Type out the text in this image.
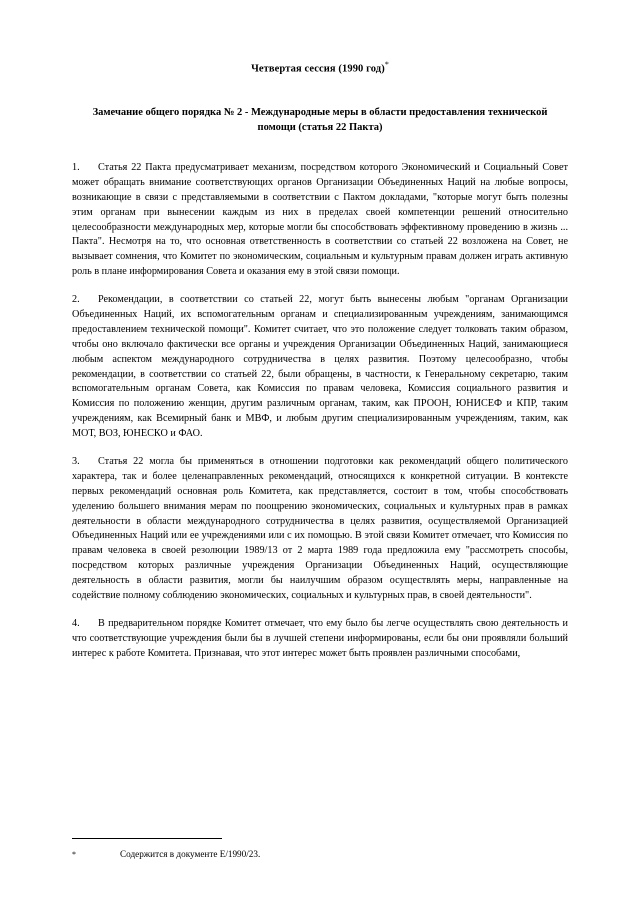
Четвертая сессия (1990 год)*
Замечание общего порядка № 2 - Международные меры в области предоставления технической помощи (статья 22 Пакта)

1. Статья 22 Пакта предусматривает механизм, посредством которого Экономический и Социальный Совет может обращать внимание соответствующих органов Организации Объединенных Наций на любые вопросы, возникающие в связи с представляемыми в соответствии с Пактом докладами, "которые могут быть полезны этим органам при вынесении каждым из них в пределах своей компетенции решений относительно целесообразности международных мер, которые могли бы способствовать эффективному проведению в жизнь ... Пакта". Несмотря на то, что основная ответственность в соответствии со статьей 22 возложена на Совет, не вызывает сомнения, что Комитет по экономическим, социальным и культурным правам должен играть активную роль в плане информирования Совета и оказания ему в этой связи помощи.

2. Рекомендации, в соответствии со статьей 22, могут быть вынесены любым "органам Организации Объединенных Наций, их вспомогательным органам и специализированным учреждениям, занимающимся предоставлением технической помощи". Комитет считает, что это положение следует толковать таким образом, чтобы оно включало фактически все органы и учреждения Организации Объединенных Наций, занимающиеся любым аспектом международного сотрудничества в целях развития. Поэтому целесообразно, чтобы рекомендации, в соответствии со статьей 22, были обращены, в частности, к Генеральному секретарю, таким вспомогательным органам Совета, как Комиссия по правам человека, Комиссия социального развития и Комиссия по положению женщин, другим различным органам, таким, как ПРООН, ЮНИСЕФ и КПР, таким учреждениям, как Всемирный банк и МВФ, и любым другим специализированным учреждениям, таким, как МОТ, ВОЗ, ЮНЕСКО и ФАО.

3. Статья 22 могла бы применяться в отношении подготовки как рекомендаций общего политического характера, так и более целенаправленных рекомендаций, относящихся к конкретной ситуации. В контексте первых рекомендаций основная роль Комитета, как представляется, состоит в том, чтобы способствовать уделению большего внимания мерам по поощрению экономических, социальных и культурных прав в рамках деятельности в области международного сотрудничества в целях развития, осуществляемой Организацией Объединенных Наций или ее учреждениями или с их помощью. В этой связи Комитет отмечает, что Комиссия по правам человека в своей резолюции 1989/13 от 2 марта 1989 года предложила ему "рассмотреть способы, посредством которых различные учреждения Организации Объединенных Наций, осуществляющие деятельность в области развития, могли бы наилучшим образом осуществлять меры, направленные на содействие полному соблюдению экономических, социальных и культурных прав, в своей деятельности".

4. В предварительном порядке Комитет отмечает, что ему было бы легче осуществлять свою деятельность и что соответствующие учреждения были бы в лучшей степени информированы, если бы они проявляли больший интерес к работе Комитета. Признавая, что этот интерес может быть проявлен различными способами,

*	Содержится в документе E/1990/23.
